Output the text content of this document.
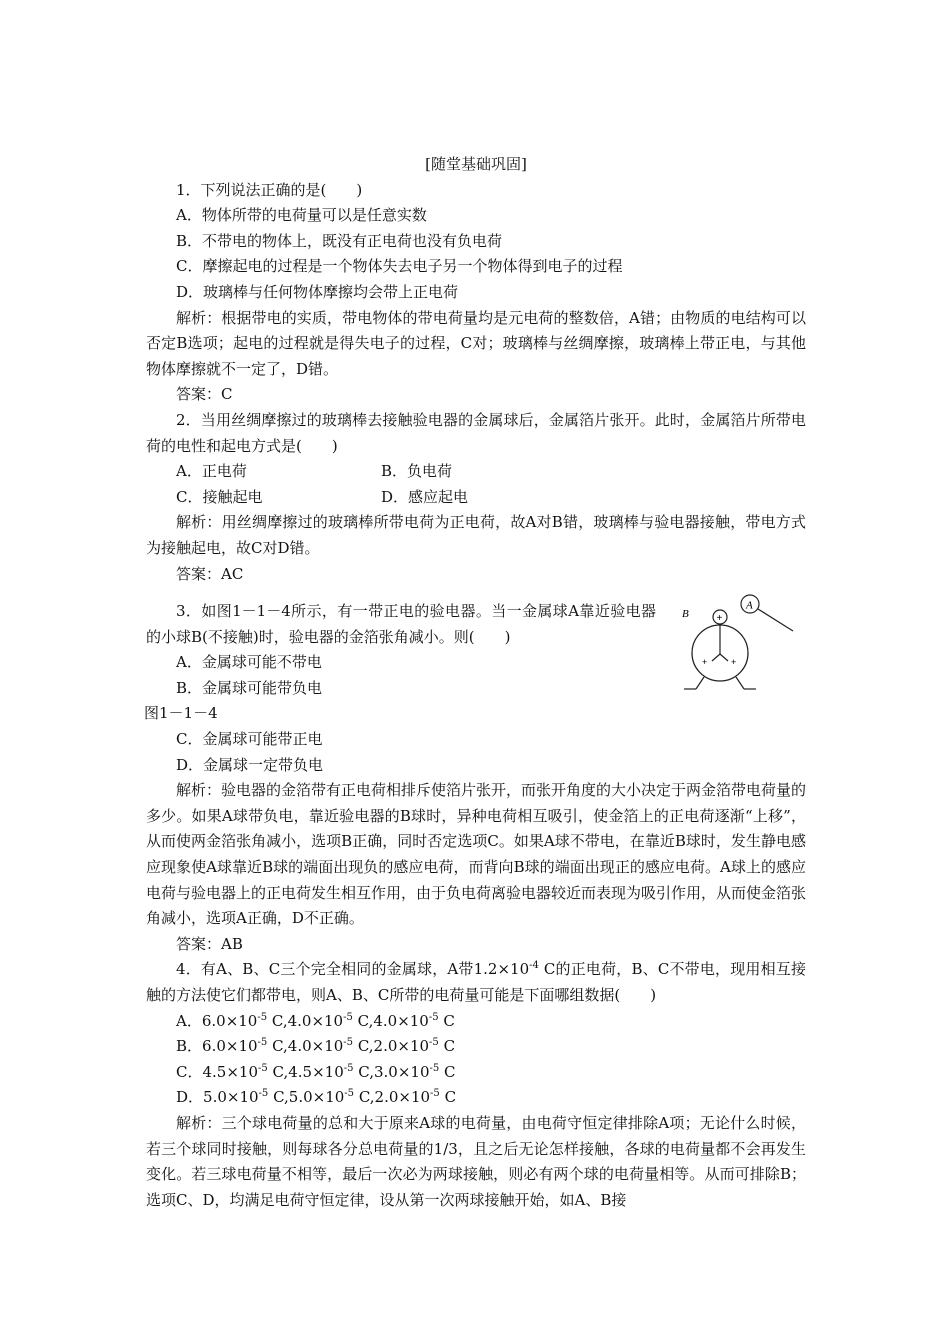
[随堂基础巩固]
1．下列说法正确的是(　　)
A．物体所带的电荷量可以是任意实数
B．不带电的物体上，既没有正电荷也没有负电荷
C．摩擦起电的过程是一个物体失去电子另一个物体得到电子的过程
D．玻璃棒与任何物体摩擦均会带上正电荷
解析：根据带电的实质，带电物体的带电荷量均是元电荷的整数倍，A错；由物质的电结构可以否定B选项；起电的过程就是得失电子的过程，C对；玻璃棒与丝绸摩擦，玻璃棒上带正电，与其他物体摩擦就不一定了，D错。
答案：C
2．当用丝绸摩擦过的玻璃棒去接触验电器的金属球后，金属箔片张开。此时，金属箔片所带电荷的电性和起电方式是(　　)
A．正电荷	B．负电荷
C．接触起电	D．感应起电
解析：用丝绸摩擦过的玻璃棒所带电荷为正电荷，故A对B错，玻璃棒与验电器接触，带电方式为接触起电，故C对D错。
答案：AC
3．如图1－1－4所示，有一带正电的验电器。当一金属球A靠近验电器的小球B(不接触)时，验电器的金箔张角减小。则(　　)
A．金属球可能不带电
B．金属球可能带负电
A
B	+
+	+
图1－1－4
C．金属球可能带正电
D．金属球一定带负电
解析：验电器的金箔带有正电荷相排斥使箔片张开，而张开角度的大小决定于两金箔带电荷量的多少。如果A球带负电，靠近验电器的B球时，异种电荷相互吸引，使金箔上的正电荷逐渐“上移”，从而使两金箔张角减小，选项B正确，同时否定选项C。如果A球不带电，在靠近B球时，发生静电感应现象使A球靠近B球的端面出现负的感应电荷，而背向B球的端面出现正的感应电荷。A球上的感应电荷与验电器上的正电荷发生相互作用，由于负电荷离验电器较近而表现为吸引作用，从而使金箔张角减小，选项A正确，D不正确。
答案：AB
4．有A、B、C三个完全相同的金属球，A带$1.2\times 10^{-4}$ C的正电荷，B、C不带电，现用相互接触的方法使它们都带电，则A、B、C所带的电荷量可能是下面哪组数据(　　)
A．$6.0\times 10^{-5}$ $C,4.0\times 10^{-5}$ $C,4.0\times 10^{-5}$ C
B．$6.0\times 10^{-5}$ $C,4.0\times 10^{-5}$ $C,2.0\times 10^{-5}$ C
C．$4.5\times 10^{-5}$ $C,4.5\times 10^{-5}$ $C,3.0\times 10^{-5}$ C
D．$5.0\times 10^{-5}$ $C,5.0\times 10^{-5}$ $C,2.0\times 10^{-5}$ C
解析：三个球电荷量的总和大于原来A球的电荷量，由电荷守恒定律排除A项；无论什么时候，若三个球同时接触，则每球各分总电荷量的1/3，且之后无论怎样接触，各球的电荷量都不会再发生变化。若三球电荷量不相等，最后一次必为两球接触，则必有两个球的电荷量相等。从而可排除B；选项C、D，均满足电荷守恒定律，设从第一次两球接触开始，如A、B接
